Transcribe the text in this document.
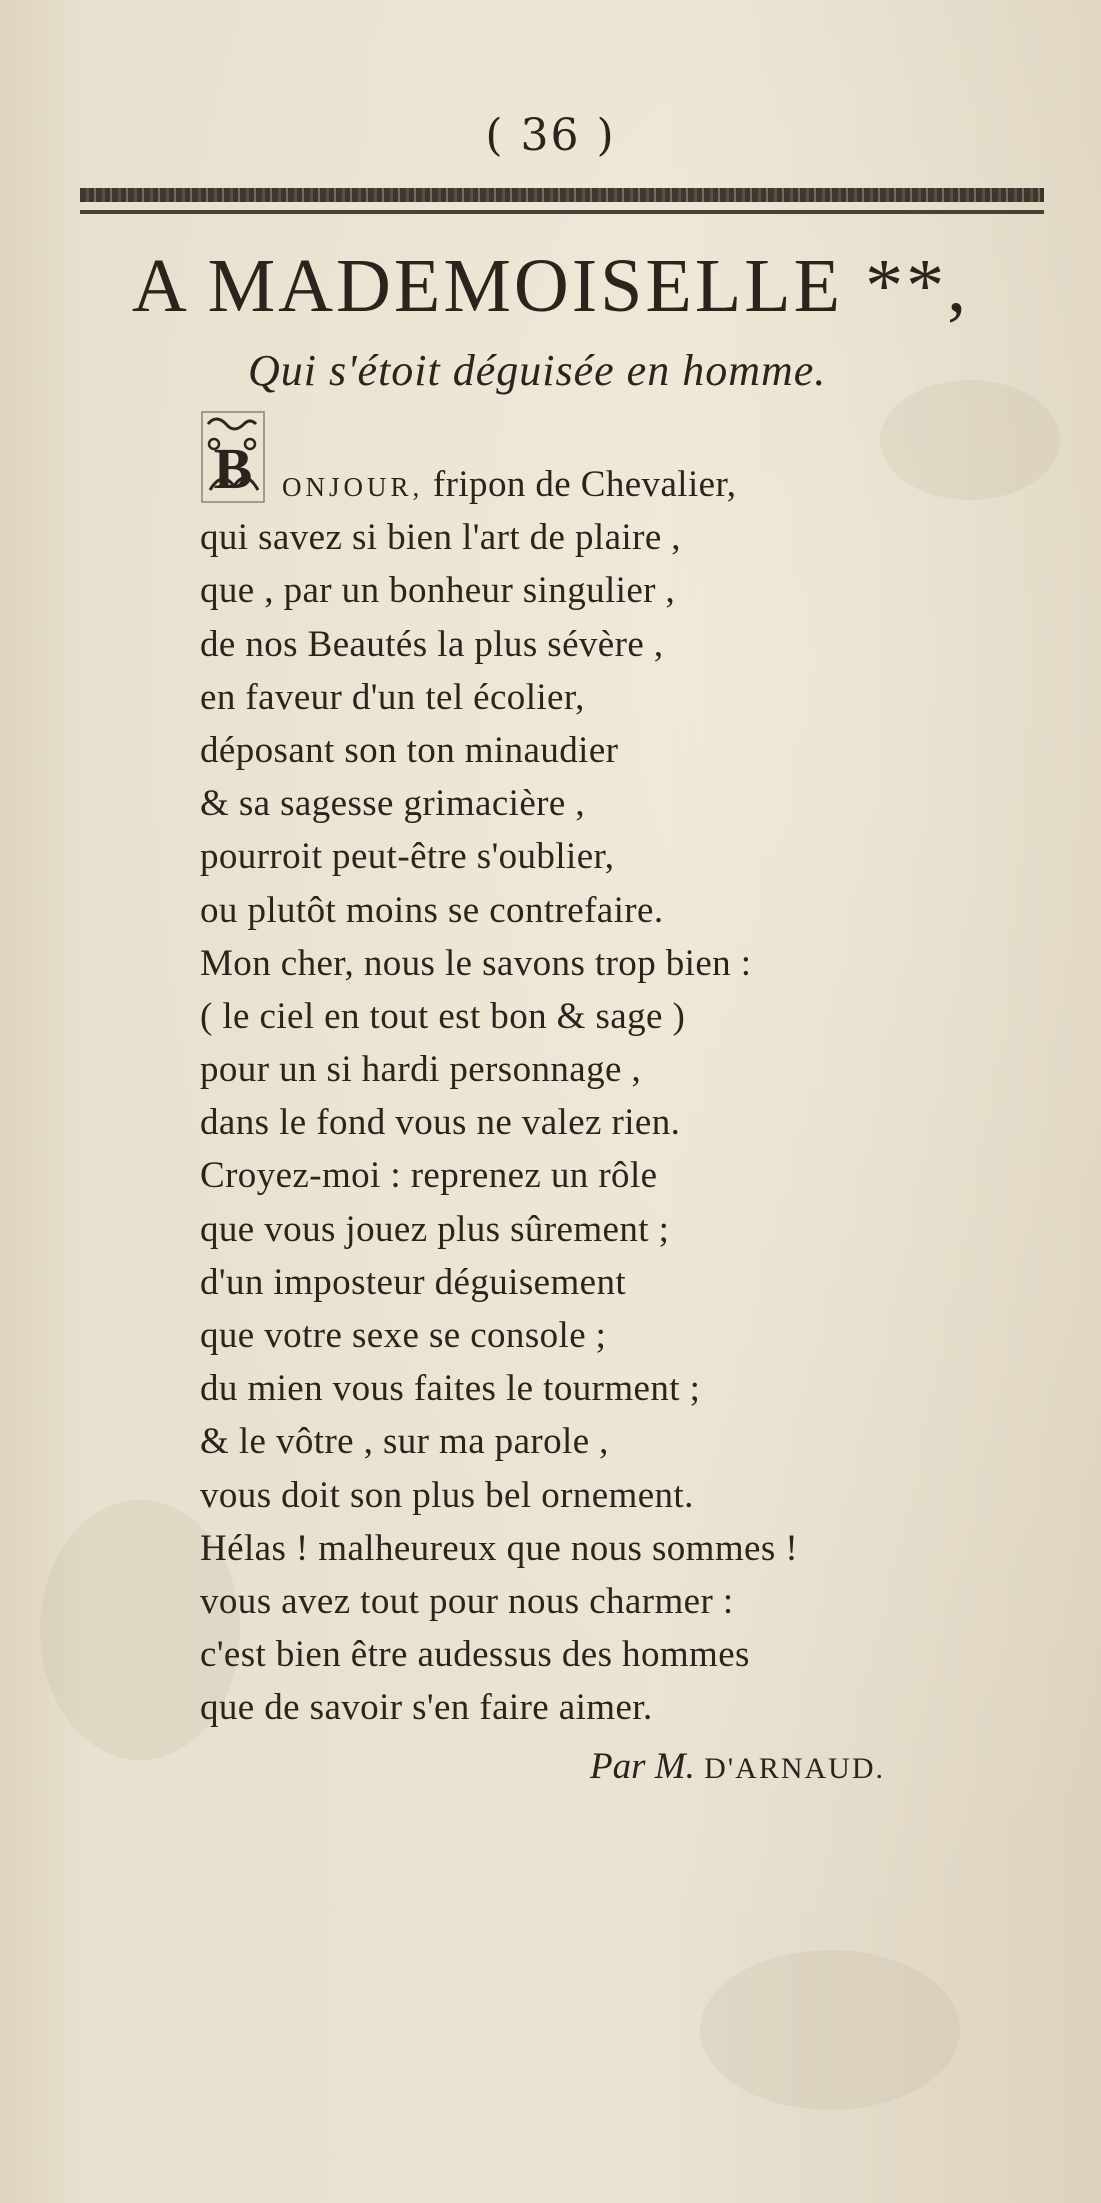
( 36 )
A MADEMOISELLE **,
Qui s'étoit déguisée en homme.
B	ONJOUR, fripon de Chevalier,
qui savez si bien l'art de plaire ,
que , par un bonheur singulier ,
de nos Beautés la plus sévère ,
en faveur d'un tel écolier,
déposant son ton minaudier
& sa sagesse grimacière ,
pourroit peut-être s'oublier,
ou plutôt moins se contrefaire.
Mon cher, nous le savons trop bien :
( le ciel en tout est bon & sage )
pour un si hardi personnage ,
dans le fond vous ne valez rien.
Croyez-moi : reprenez un rôle
que vous jouez plus sûrement ;
d'un imposteur déguisement
que votre sexe se console ;
du mien vous faites le tourment ;
& le vôtre , sur ma parole ,
vous doit son plus bel ornement.
Hélas ! malheureux que nous sommes !
vous avez tout pour nous charmer :
c'est bien être audessus des hommes
que de savoir s'en faire aimer.
Par M. D'ARNAUD.
